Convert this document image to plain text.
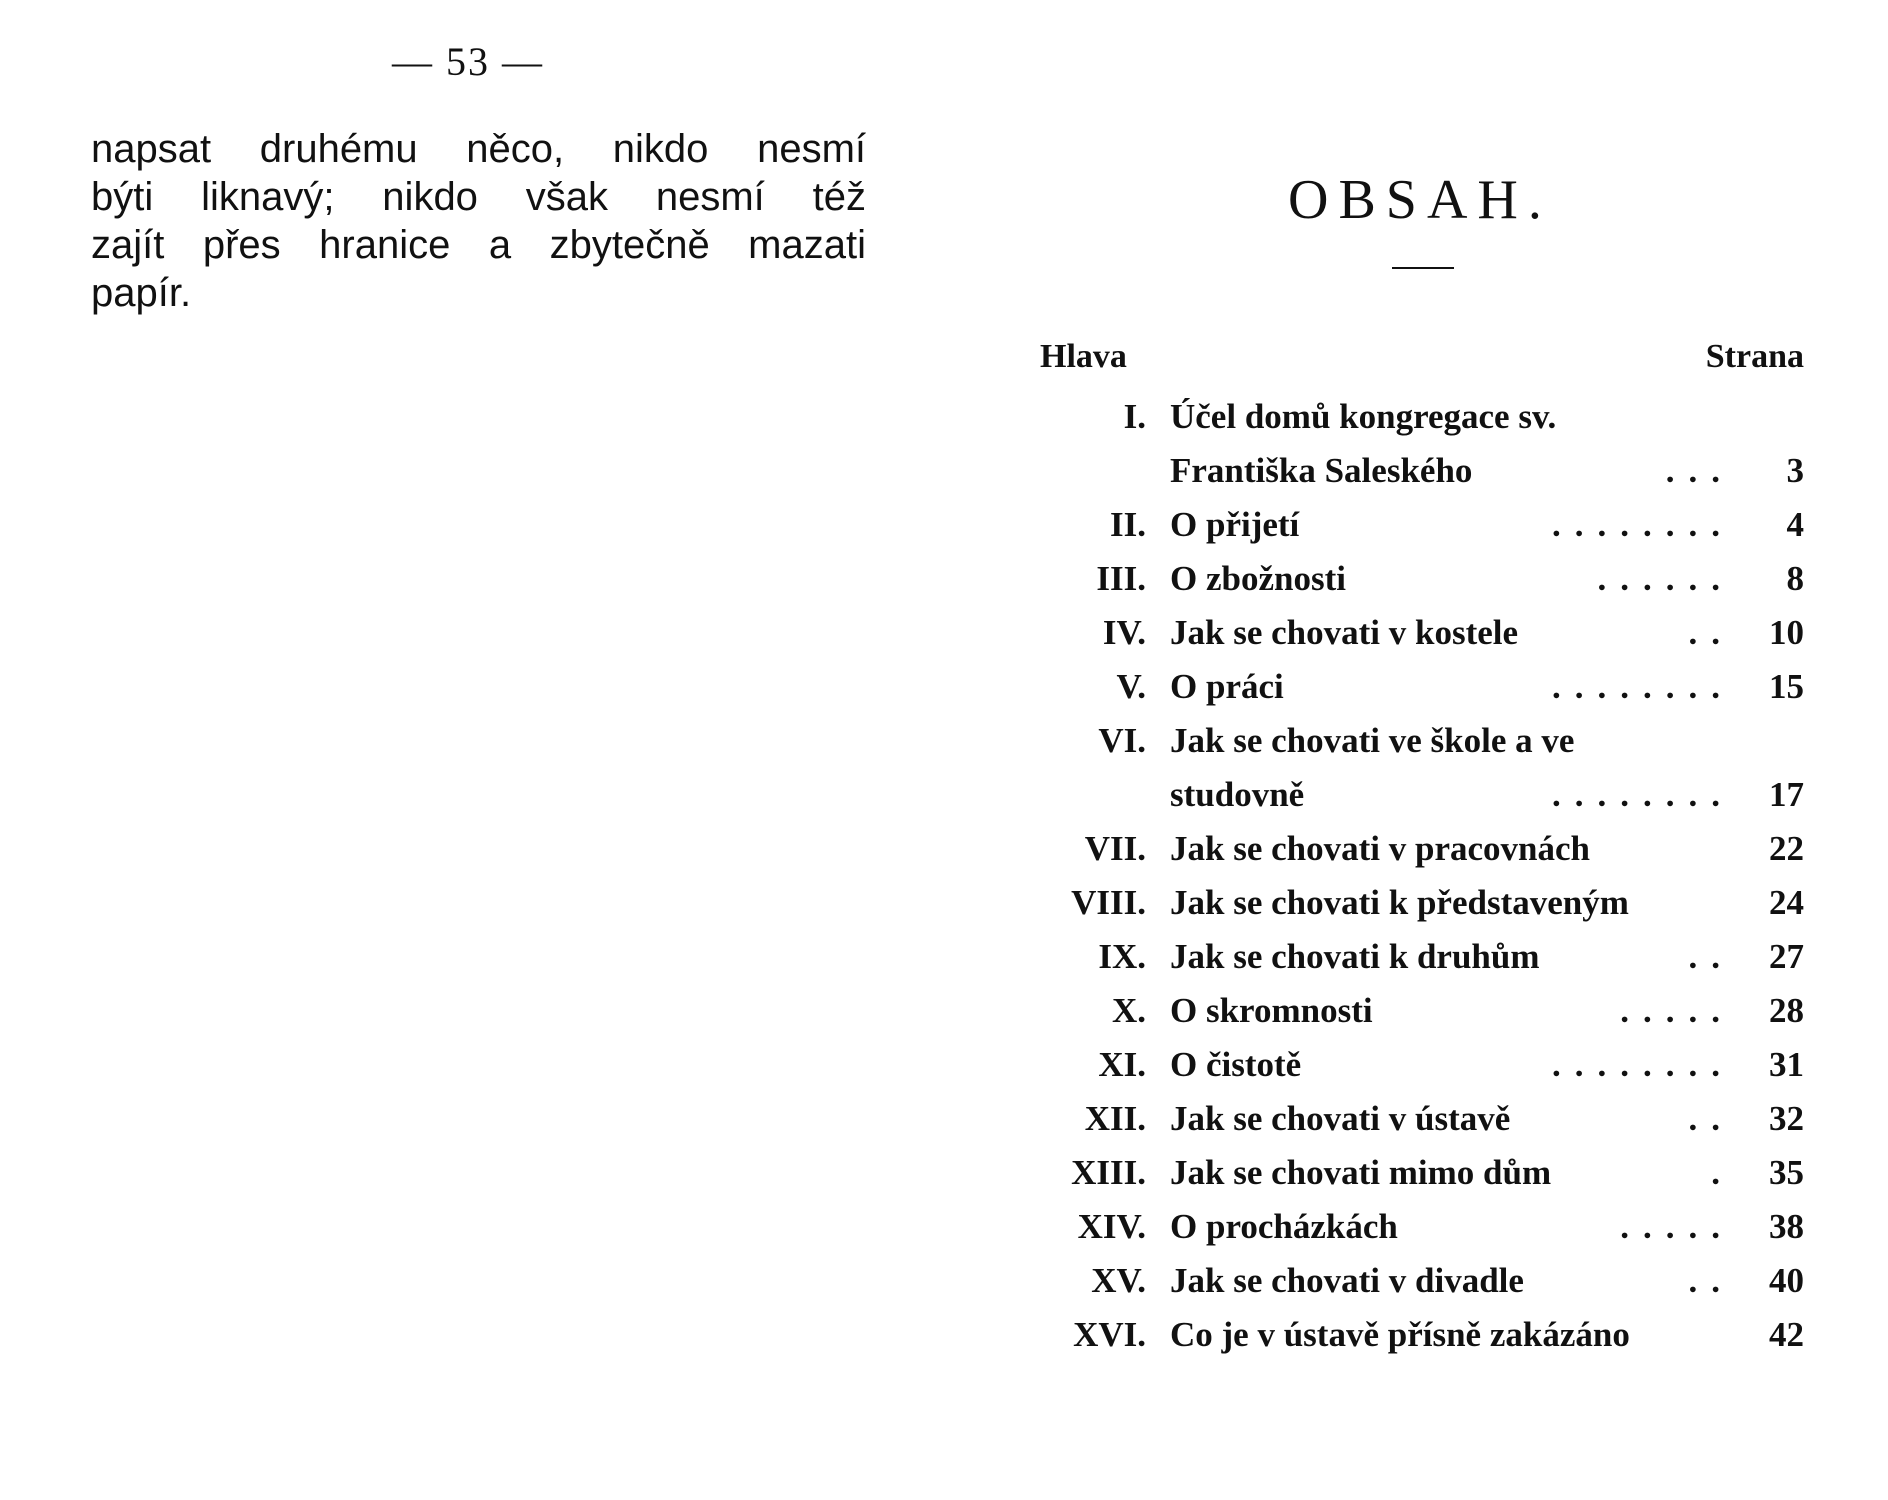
— 53 —
napsat druhému něco, nikdo nesmí
býti liknavý; nikdo však nesmí též
zajít přes hranice a zbytečně mazati
papír.
OBSAH.
Hlava	Strana
I. Účel domů kongregace sv.
Františka Saleského	...	3
II. O přijetí	........	4
III. O zbožnosti	......	8
IV. Jak se chovati v kostele	..	10
V. O práci	........	15
VI. Jak se chovati ve škole a ve
studovně	........	17
VII. Jak se chovati v pracovnách	22
VIII. Jak se chovati k představeným	24
IX. Jak se chovati k druhům	..	27
X. O skromnosti	.....	28
XI. O čistotě	........	31
XII. Jak se chovati v ústavě	..	32
XIII. Jak se chovati mimo dům	.	35
XIV. O procházkách	.....	38
XV. Jak se chovati v divadle	..	40
XVI. Co je v ústavě přísně zakázáno	42
